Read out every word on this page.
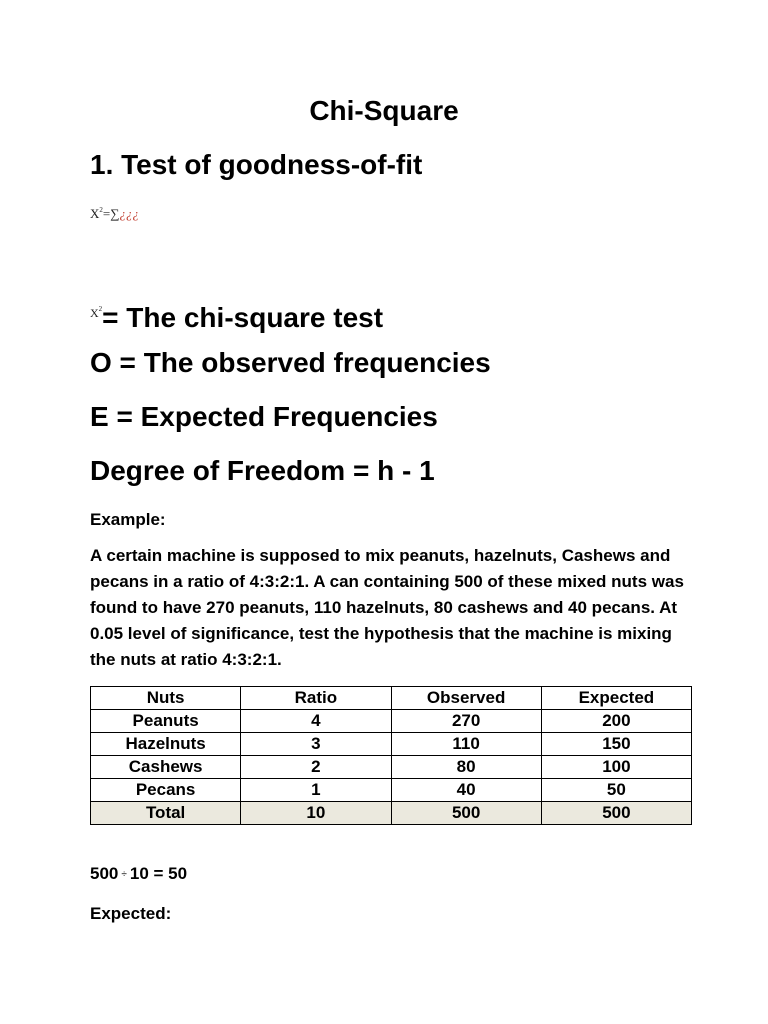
Chi-Square
1. Test of goodness-of-fit
$X^2=\sum¿¿¿$
$^{X^2}$= The chi-square test
O = The observed frequencies
E = Expected Frequencies
Degree of Freedom = h - 1
Example:
A certain machine is supposed to mix peanuts, hazelnuts, Cashews and pecans in a ratio of 4:3:2:1. A can containing 500 of these mixed nuts was found to have 270 peanuts, 110 hazelnuts, 80 cashews and 40 pecans. At 0.05 level of significance, test the hypothesis that the machine is mixing the nuts at ratio 4:3:2:1.
Nuts	Ratio	Observed	Expected
Peanuts	4	270	200
Hazelnuts	3	110	150
Cashews	2	80	100
Pecans	1	40	50
Total	10	500	500
500 ÷ 10 = 50
Expected:
